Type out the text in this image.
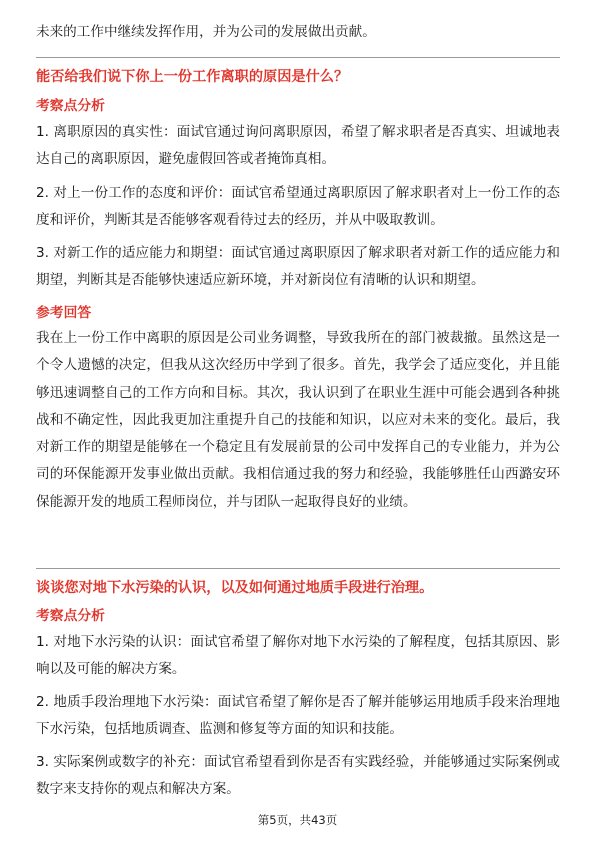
未来的工作中继续发挥作用，并为公司的发展做出贡献。

能否给我们说下你上一份工作离职的原因是什么？

考察点分析

1. 离职原因的真实性：面试官通过询问离职原因，希望了解求职者是否真实、坦诚地表达自己的离职原因，避免虚假回答或者掩饰真相。

2. 对上一份工作的态度和评价：面试官希望通过离职原因了解求职者对上一份工作的态度和评价，判断其是否能够客观看待过去的经历，并从中吸取教训。

3. 对新工作的适应能力和期望：面试官通过离职原因了解求职者对新工作的适应能力和期望，判断其是否能够快速适应新环境，并对新岗位有清晰的认识和期望。

参考回答

我在上一份工作中离职的原因是公司业务调整，导致我所在的部门被裁撤。虽然这是一个令人遗憾的决定，但我从这次经历中学到了很多。首先，我学会了适应变化，并且能够迅速调整自己的工作方向和目标。其次，我认识到了在职业生涯中可能会遇到各种挑战和不确定性，因此我更加注重提升自己的技能和知识，以应对未来的变化。最后，我对新工作的期望是能够在一个稳定且有发展前景的公司中发挥自己的专业能力，并为公司的环保能源开发事业做出贡献。我相信通过我的努力和经验，我能够胜任山西潞安环保能源开发的地质工程师岗位，并与团队一起取得良好的业绩。

谈谈您对地下水污染的认识，以及如何通过地质手段进行治理。

考察点分析

1. 对地下水污染的认识：面试官希望了解你对地下水污染的了解程度，包括其原因、影响以及可能的解决方案。

2. 地质手段治理地下水污染：面试官希望了解你是否了解并能够运用地质手段来治理地下水污染，包括地质调查、监测和修复等方面的知识和技能。

3. 实际案例或数字的补充：面试官希望看到你是否有实践经验，并能够通过实际案例或数字来支持你的观点和解决方案。

第5页，共43页
